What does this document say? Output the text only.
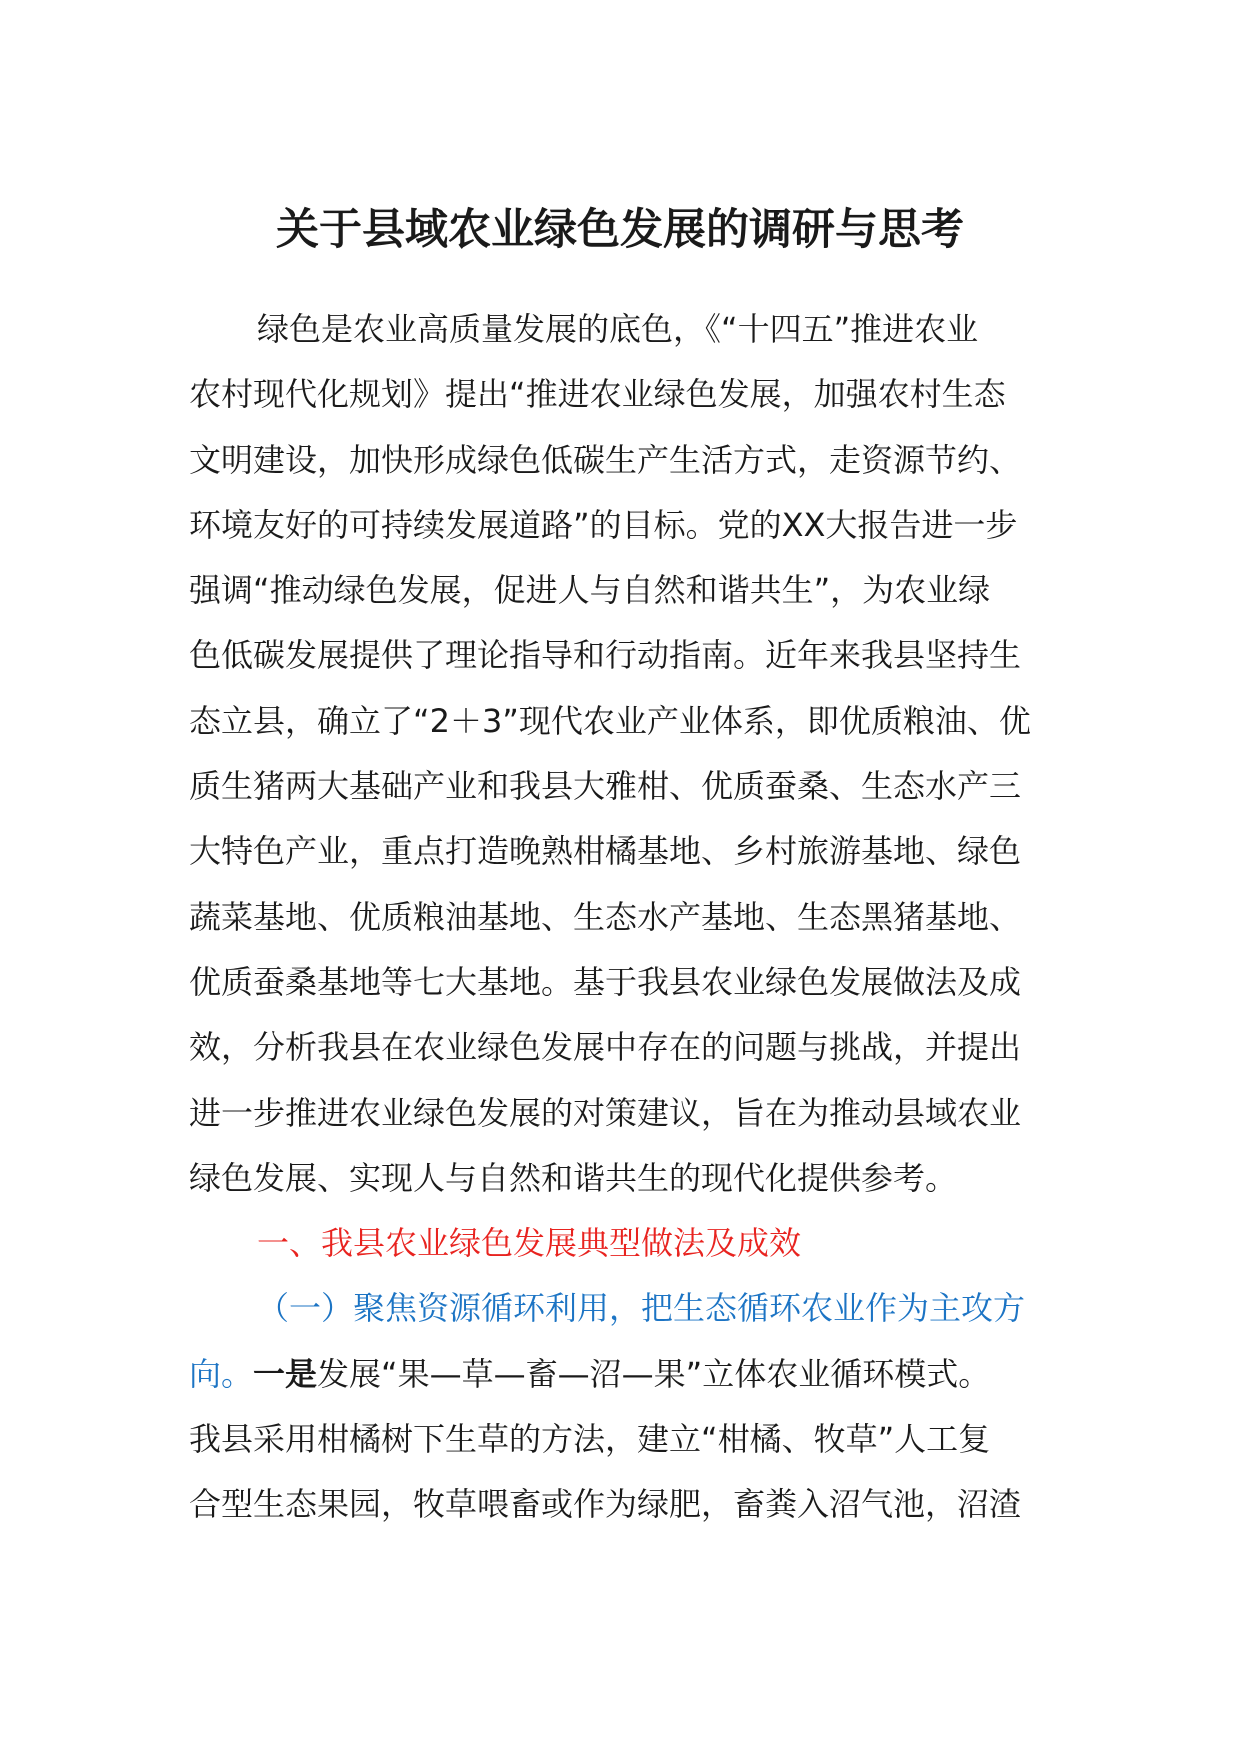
关于县域农业绿色发展的调研与思考
绿色是农业高质量发展的底色，《“十四五”推进农业
农村现代化规划》提出“推进农业绿色发展，加强农村生态
文明建设，加快形成绿色低碳生产生活方式，走资源节约、
环境友好的可持续发展道路”的目标。党的XX大报告进一步
强调“推动绿色发展，促进人与自然和谐共生”，为农业绿
色低碳发展提供了理论指导和行动指南。近年来我县坚持生
态立县，确立了“2＋3”现代农业产业体系，即优质粮油、优
质生猪两大基础产业和我县大雅柑、优质蚕桑、生态水产三
大特色产业，重点打造晚熟柑橘基地、乡村旅游基地、绿色
蔬菜基地、优质粮油基地、生态水产基地、生态黑猪基地、
优质蚕桑基地等七大基地。基于我县农业绿色发展做法及成
效，分析我县在农业绿色发展中存在的问题与挑战，并提出
进一步推进农业绿色发展的对策建议，旨在为推动县域农业
绿色发展、实现人与自然和谐共生的现代化提供参考。
一、我县农业绿色发展典型做法及成效
（一）聚焦资源循环利用，把生态循环农业作为主攻方
向。一是发展“果—草—畜—沼—果”立体农业循环模式。
我县采用柑橘树下生草的方法，建立“柑橘、牧草”人工复
合型生态果园，牧草喂畜或作为绿肥，畜粪入沼气池，沼渣
